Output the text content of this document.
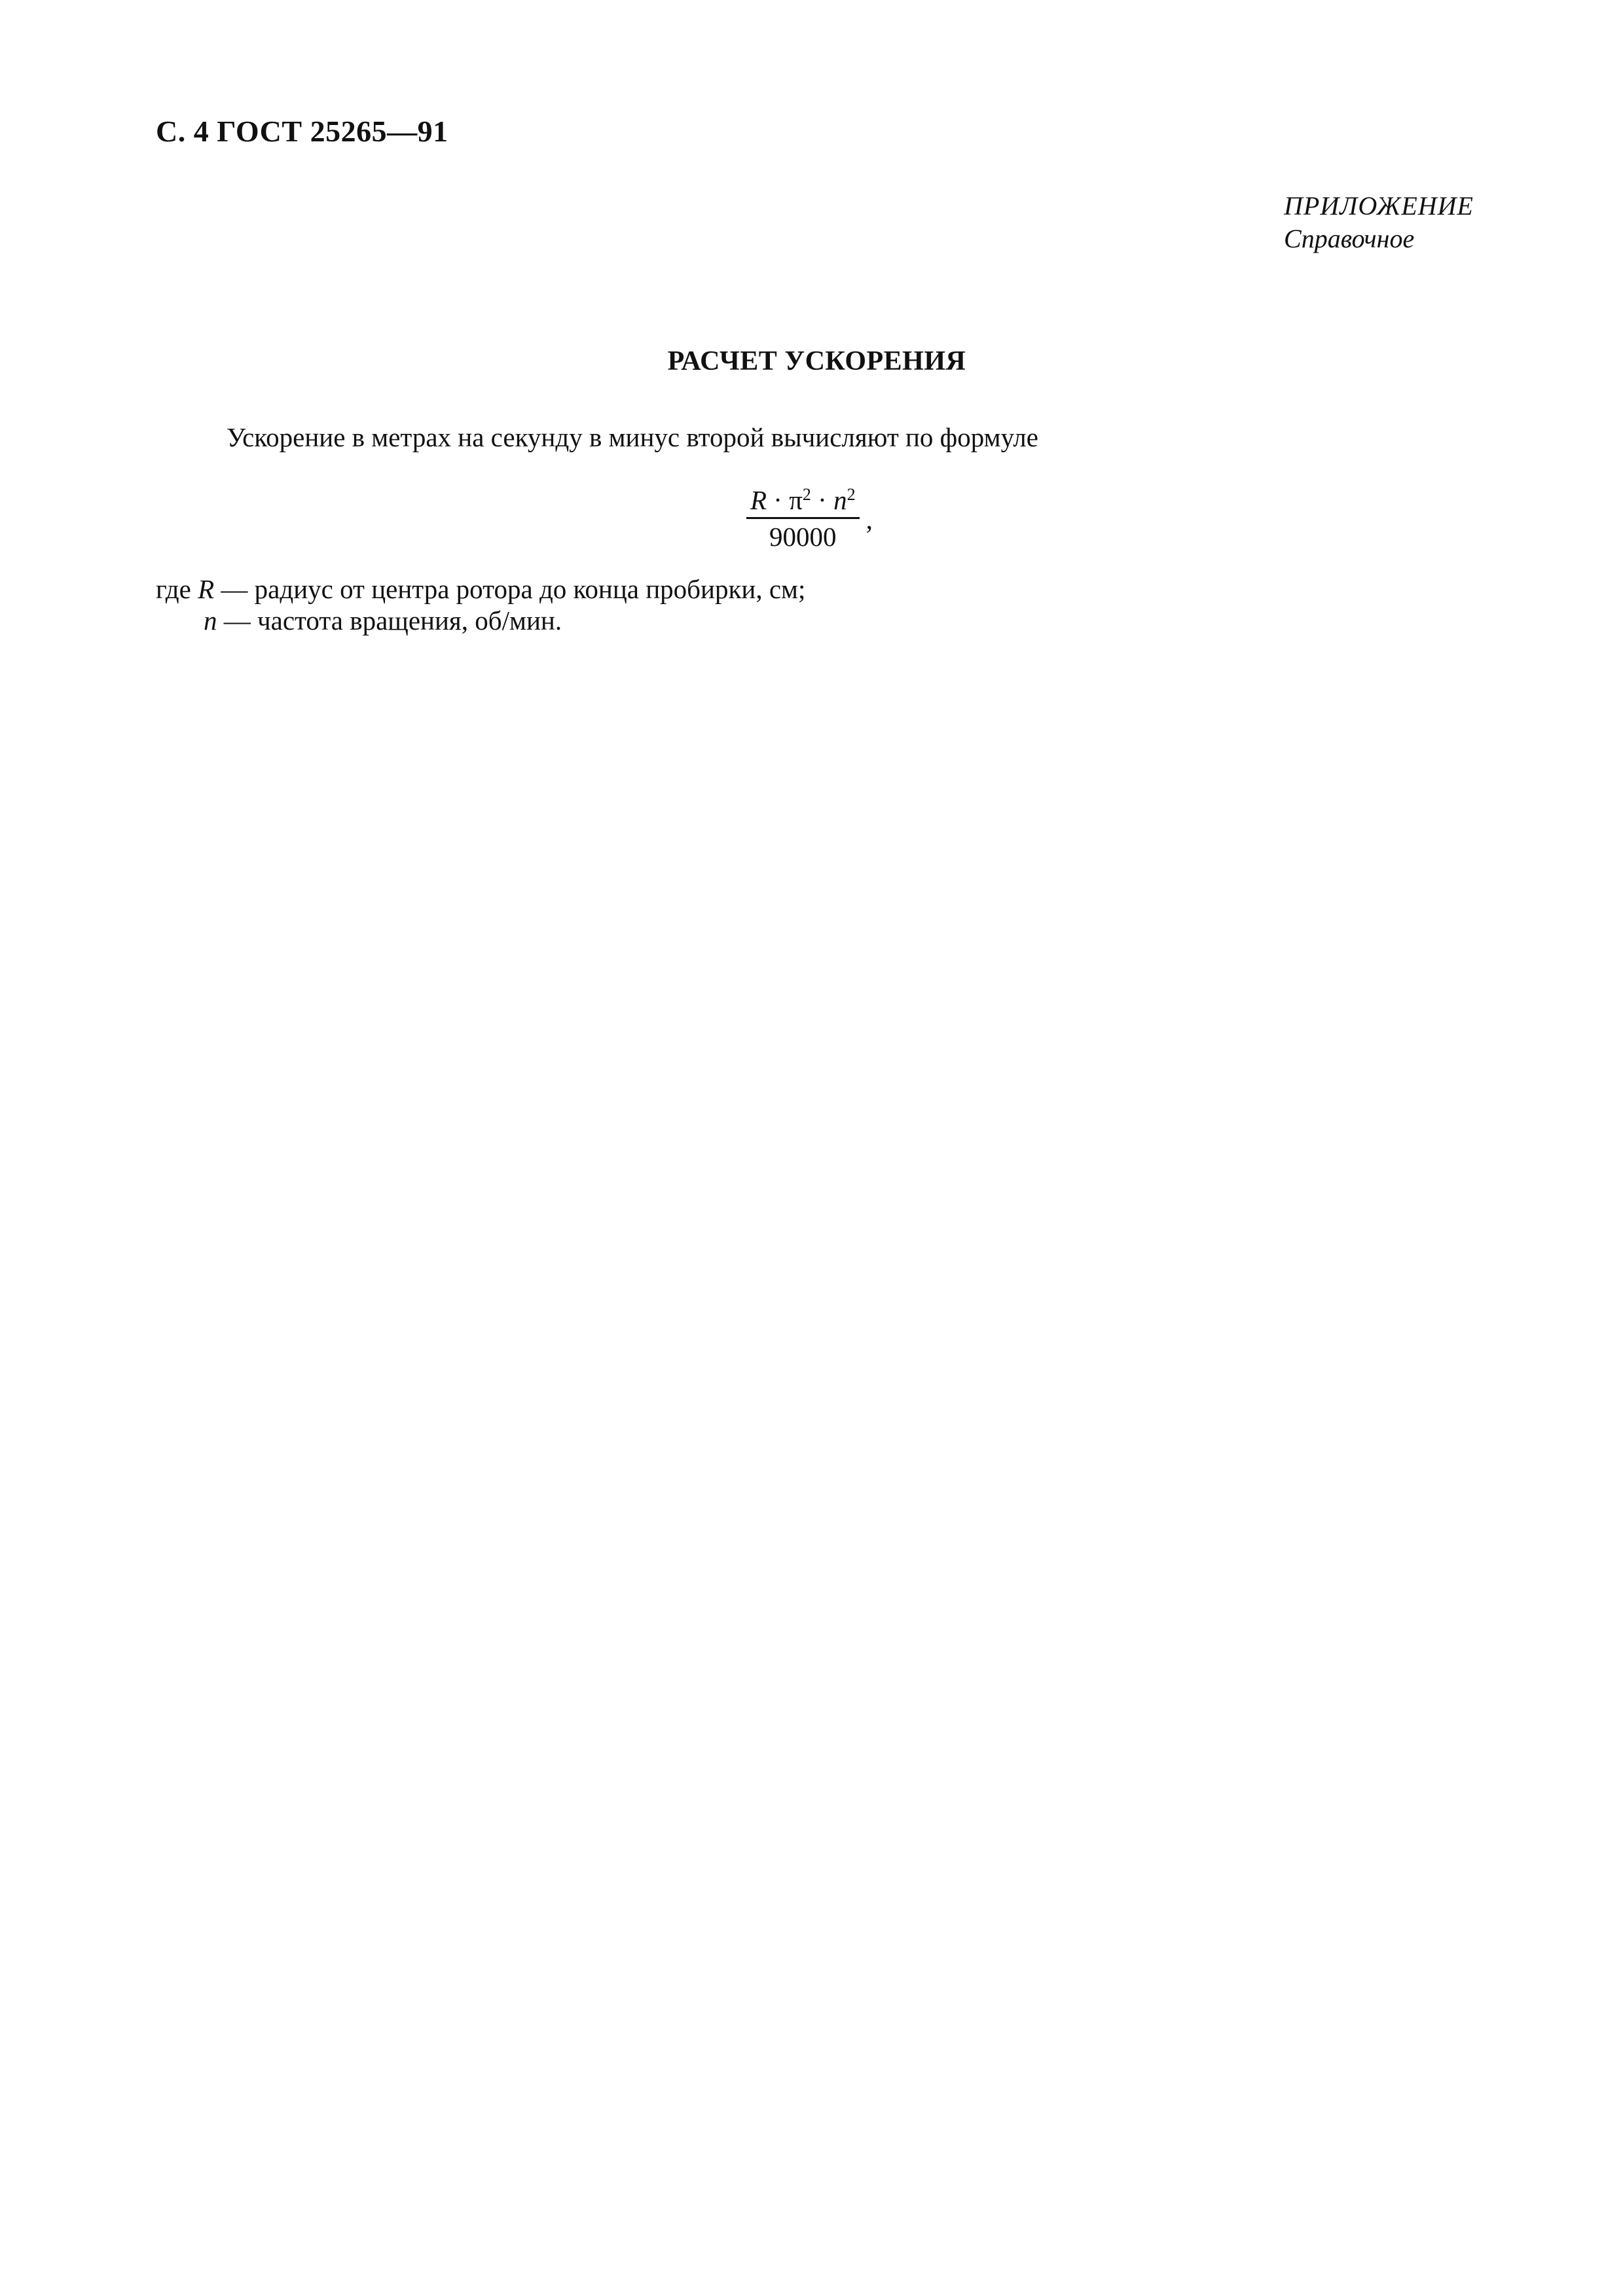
С. 4 ГОСТ 25265—91
ПРИЛОЖЕНИЕ
Справочное
РАСЧЕТ УСКОРЕНИЯ
Ускорение в метрах на секунду в минус второй вычисляют по формуле
$\frac{R \cdot \pi^2 \cdot n^2}{90000}$ ,
где R — радиус от центра ротора до конца пробирки, см;
n — частота вращения, об/мин.
